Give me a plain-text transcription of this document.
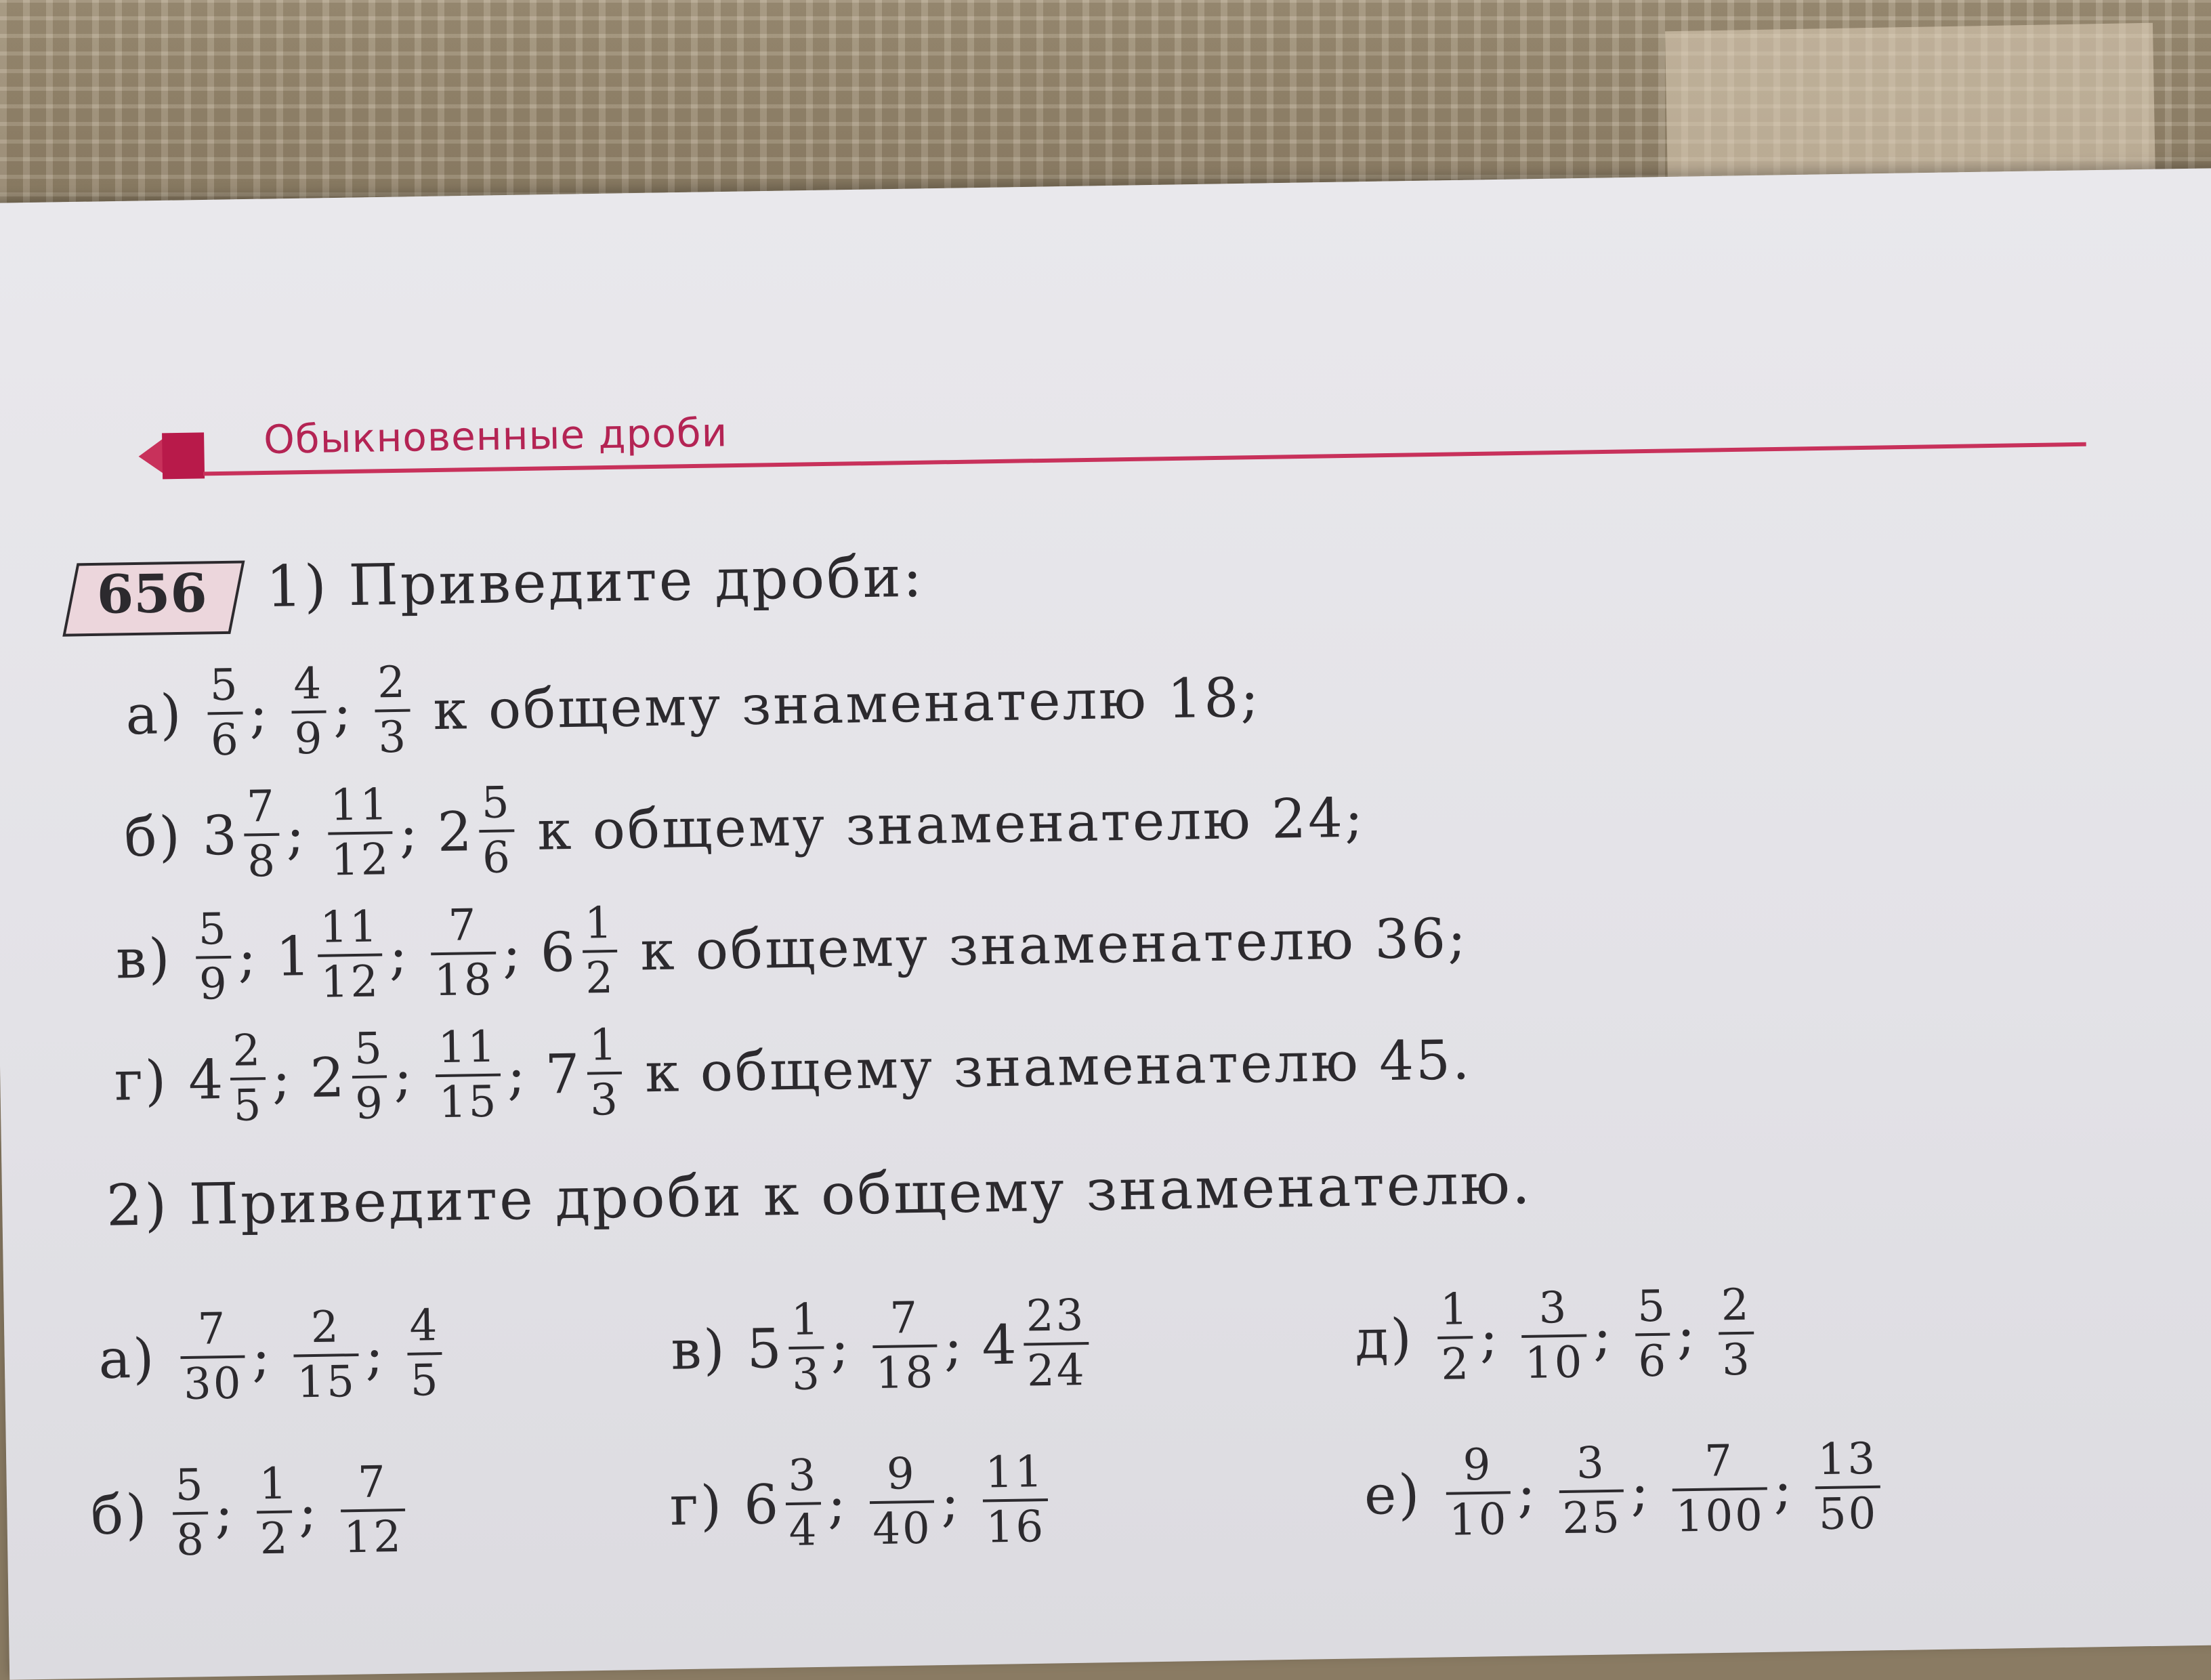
Обыкновенные дроби
656 1) Приведите дроби:
а) 5
6 ; 4
9 ; 2
3 к общему знаменателю 18;
б) 3 7
8 ; 11
12 ; 2 5
6 к общему знаменателю 24;
в) 5
9 ; 1 11
12 ; 7
18 ; 6 1
2 к общему знаменателю 36;
г) 4 2
5 ; 2 5
9 ; 11
15 ; 7 1
3 к общему знаменателю 45.
2) Приведите дроби к общему знаменателю.
а) 7
30 ; 2
15 ; 4
5	в) 5 1
3 ; 7
18 ; 4 23
24
д) 1
2 ; 3
10 ; 5
6 ; 2
3
б) 5
8 ; 1
2 ; 7
12
г) 6 3
4 ; 9
40 ; 11
16
е) 9
10 ; 3
25 ; 7
100 ; 13
50
